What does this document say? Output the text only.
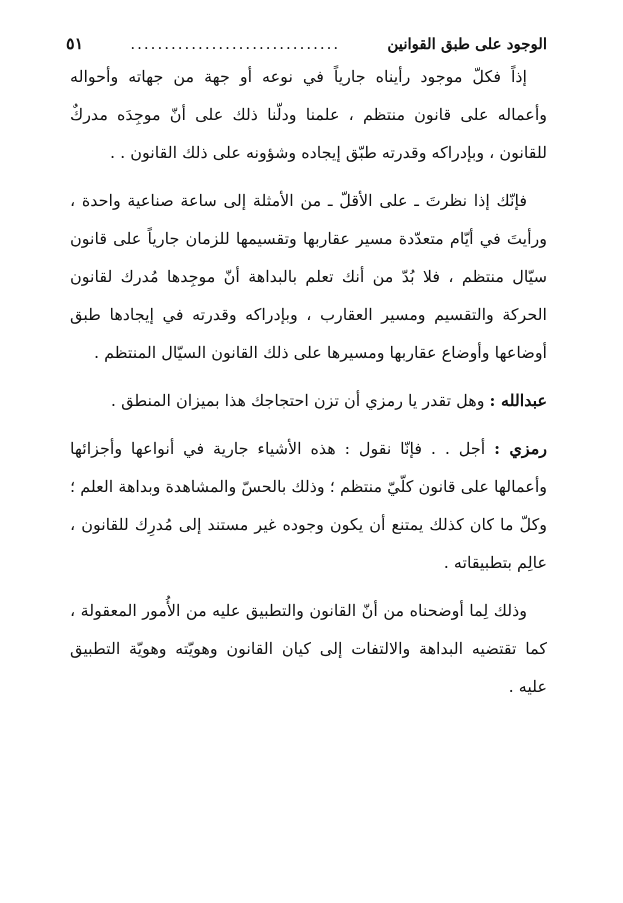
الوجود على طبق القوانين
...............................
٥١

إذاً فكلّ موجود رأيناه جارياً في نوعه أو جهة من جهاته وأحواله وأعماله على قانون منتظم ، علمنا ودلّنا ذلك على أنّ موجِدَه مدركٌ للقانون ، وبإدراكه وقدرته طبّق إيجاده وشؤونه على ذلك القانون . .

فإنّك إذا نظرتَ ـ على الأقلّ ـ من الأمثلة إلى ساعة صناعية واحدة ، ورأيتَ في أيّام متعدّدة مسير عقاربها وتقسيمها للزمان جارياً على قانون سيّال منتظم ، فلا بُدّ من أنك تعلم بالبداهة أنّ موجِدها مُدرك لقانون الحركة والتقسيم ومسير العقارب ، وبإدراكه وقدرته في إيجادها طبق أوضاعها وأوضاع عقاربها ومسيرها على ذلك القانون السيّال المنتظم .

عبدالله : وهل تقدر يا رمزي أن تزن احتجاجك هذا بميزان المنطق .

رمزي : أجل . . فإنّا نقول : هذه الأشياء جارية في أنواعها وأجزائها وأعمالها على قانون كلّيّ منتظم ؛ وذلك بالحسّ والمشاهدة وبداهة العلم ؛ وكلّ ما كان كذلك يمتنع أن يكون وجوده غير مستند إلى مُدرِك للقانون ، عالِم بتطبيقاته .

وذلك لِما أوضحناه من أنّ القانون والتطبيق عليه من الأُمور المعقولة ، كما تقتضيه البداهة والالتفات إلى كيان القانون وهويّته وهويّة التطبيق عليه .
